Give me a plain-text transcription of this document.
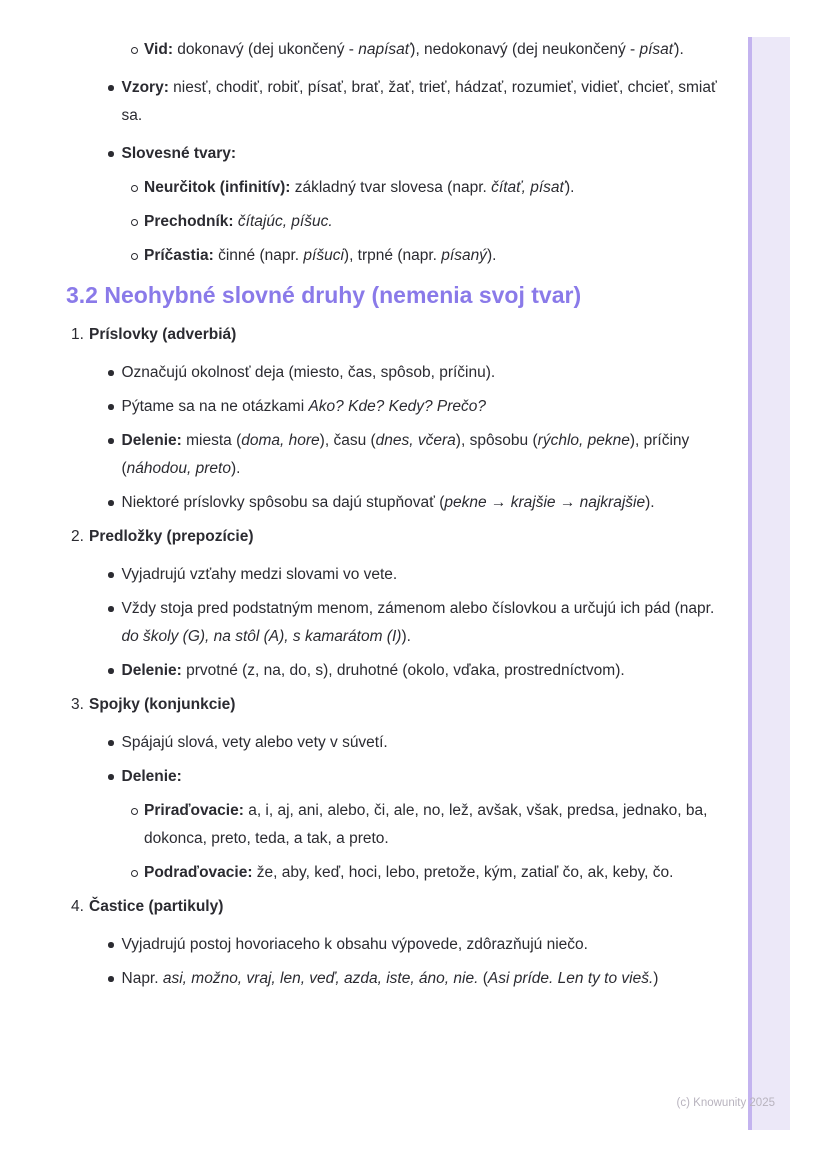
Vid: dokonavý (dej ukončený - napísať), nedokonavý (dej neukončený - písať).
Vzory: niesť, chodiť, robiť, písať, brať, žať, trieť, hádzať, rozumieť, vidieť, chcieť, smiať sa.
Slovesné tvary:
Neurčitok (infinitív): základný tvar slovesa (napr. čítať, písať).
Prechodník: čítajúc, píšuc.
Príčastia: činné (napr. píšuci), trpné (napr. písaný).
3.2 Neohybné slovné druhy (nemenia svoj tvar)
1. Príslovky (adverbiá)
Označujú okolnosť deja (miesto, čas, spôsob, príčinu).
Pýtame sa na ne otázkami Ako? Kde? Kedy? Prečo?
Delenie: miesta (doma, hore), času (dnes, včera), spôsobu (rýchlo, pekne), príčiny (náhodou, preto).
Niektoré príslovky spôsobu sa dajú stupňovať (pekne → krajšie → najkrajšie).
2. Predložky (prepozície)
Vyjadrujú vzťahy medzi slovami vo vete.
Vždy stoja pred podstatným menom, zámenom alebo číslovkou a určujú ich pád (napr. do školy (G), na stôl (A), s kamarátom (I)).
Delenie: prvotné (z, na, do, s), druhotné (okolo, vďaka, prostredníctvom).
3. Spojky (konjunkcie)
Spájajú slová, vety alebo vety v súvetí.
Delenie:
Priraďovacie: a, i, aj, ani, alebo, či, ale, no, lež, avšak, však, predsa, jednako, ba, dokonca, preto, teda, a tak, a preto.
Podraďovacie: že, aby, keď, hoci, lebo, pretože, kým, zatiaľ čo, ak, keby, čo.
4. Častice (partikuly)
Vyjadrujú postoj hovoriaceho k obsahu výpovede, zdôrazňujú niečo.
Napr. asi, možno, vraj, len, veď, azda, iste, áno, nie. (Asi príde. Len ty to vieš.)
(c) Knowunity 2025
